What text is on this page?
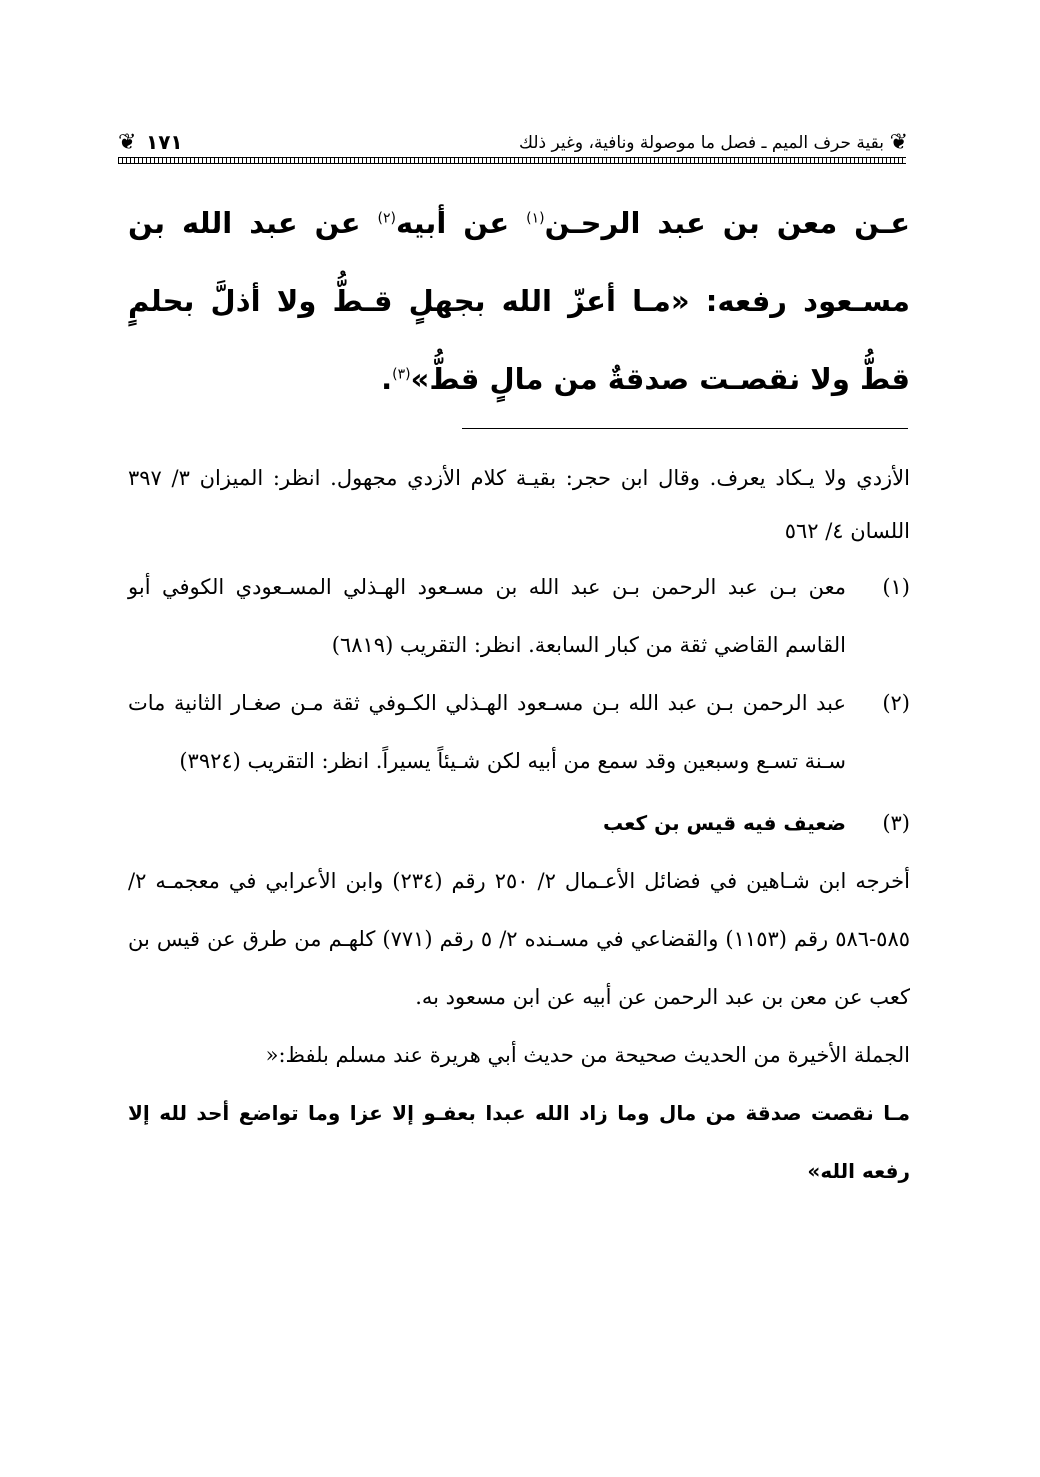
❦
بقية حرف الميم ـ فصل ما موصولة ونافية، وغير ذلك
١٧١
❦

عـن معن بن عبد الرحـن$^{(١)}$ عن أبيه$^{(٢)}$ عن عبد الله بن مسـعود رفعه: «مـا أعزّ الله بجهلٍ قـطُّ ولا أذلَّ بحلمٍ قطُّ ولا نقصـت صدقةٌ من مالٍ قطُّ»$^{(٣)}$.

الأزدي ولا يـكاد يعرف. وقال ابن حجر: بقيـة كلام الأزدي مجهول. انظر: الميزان ٣/ ٣٩٧ اللسان ٤/ ٥٦٢

(١)
معن بـن عبد الرحمن بـن عبد الله بن مسـعود الهـذلي المسـعودي الكوفي أبو القاسم القاضي ثقة من كبار السابعة. انظر: التقريب (٦٨١٩)
(٢)
عبد الرحمن بـن عبد الله بـن مسـعود الهـذلي الكـوفي ثقة مـن صغـار الثانية مات سـنة تسـع وسبعين وقد سمع من أبيه لكن شـيئاً يسيراً. انظر: التقريب (٣٩٢٤)
(٣)
ضعيف فيه قيس بن كعب

أخرجه ابن شـاهين في فضائل الأعـمال ٢/ ٢٥٠ رقم (٢٣٤) وابن الأعرابي في معجمـه ٢/ ٥٨٥-٥٨٦ رقم (١١٥٣) والقضاعي في مسـنده ٢/ ٥ رقم (٧٧١) كلهـم من طرق عن قيس بن كعب عن معن بن عبد الرحمن عن أبيه عن ابن مسعود به.

الجملة الأخيرة من الحديث صحيحة من حديث أبي هريرة عند مسلم بلفظ:«

مـا نقصت صدقة من مال وما زاد الله عبدا بعفـو إلا عزا وما تواضع أحد لله إلا رفعه الله»
